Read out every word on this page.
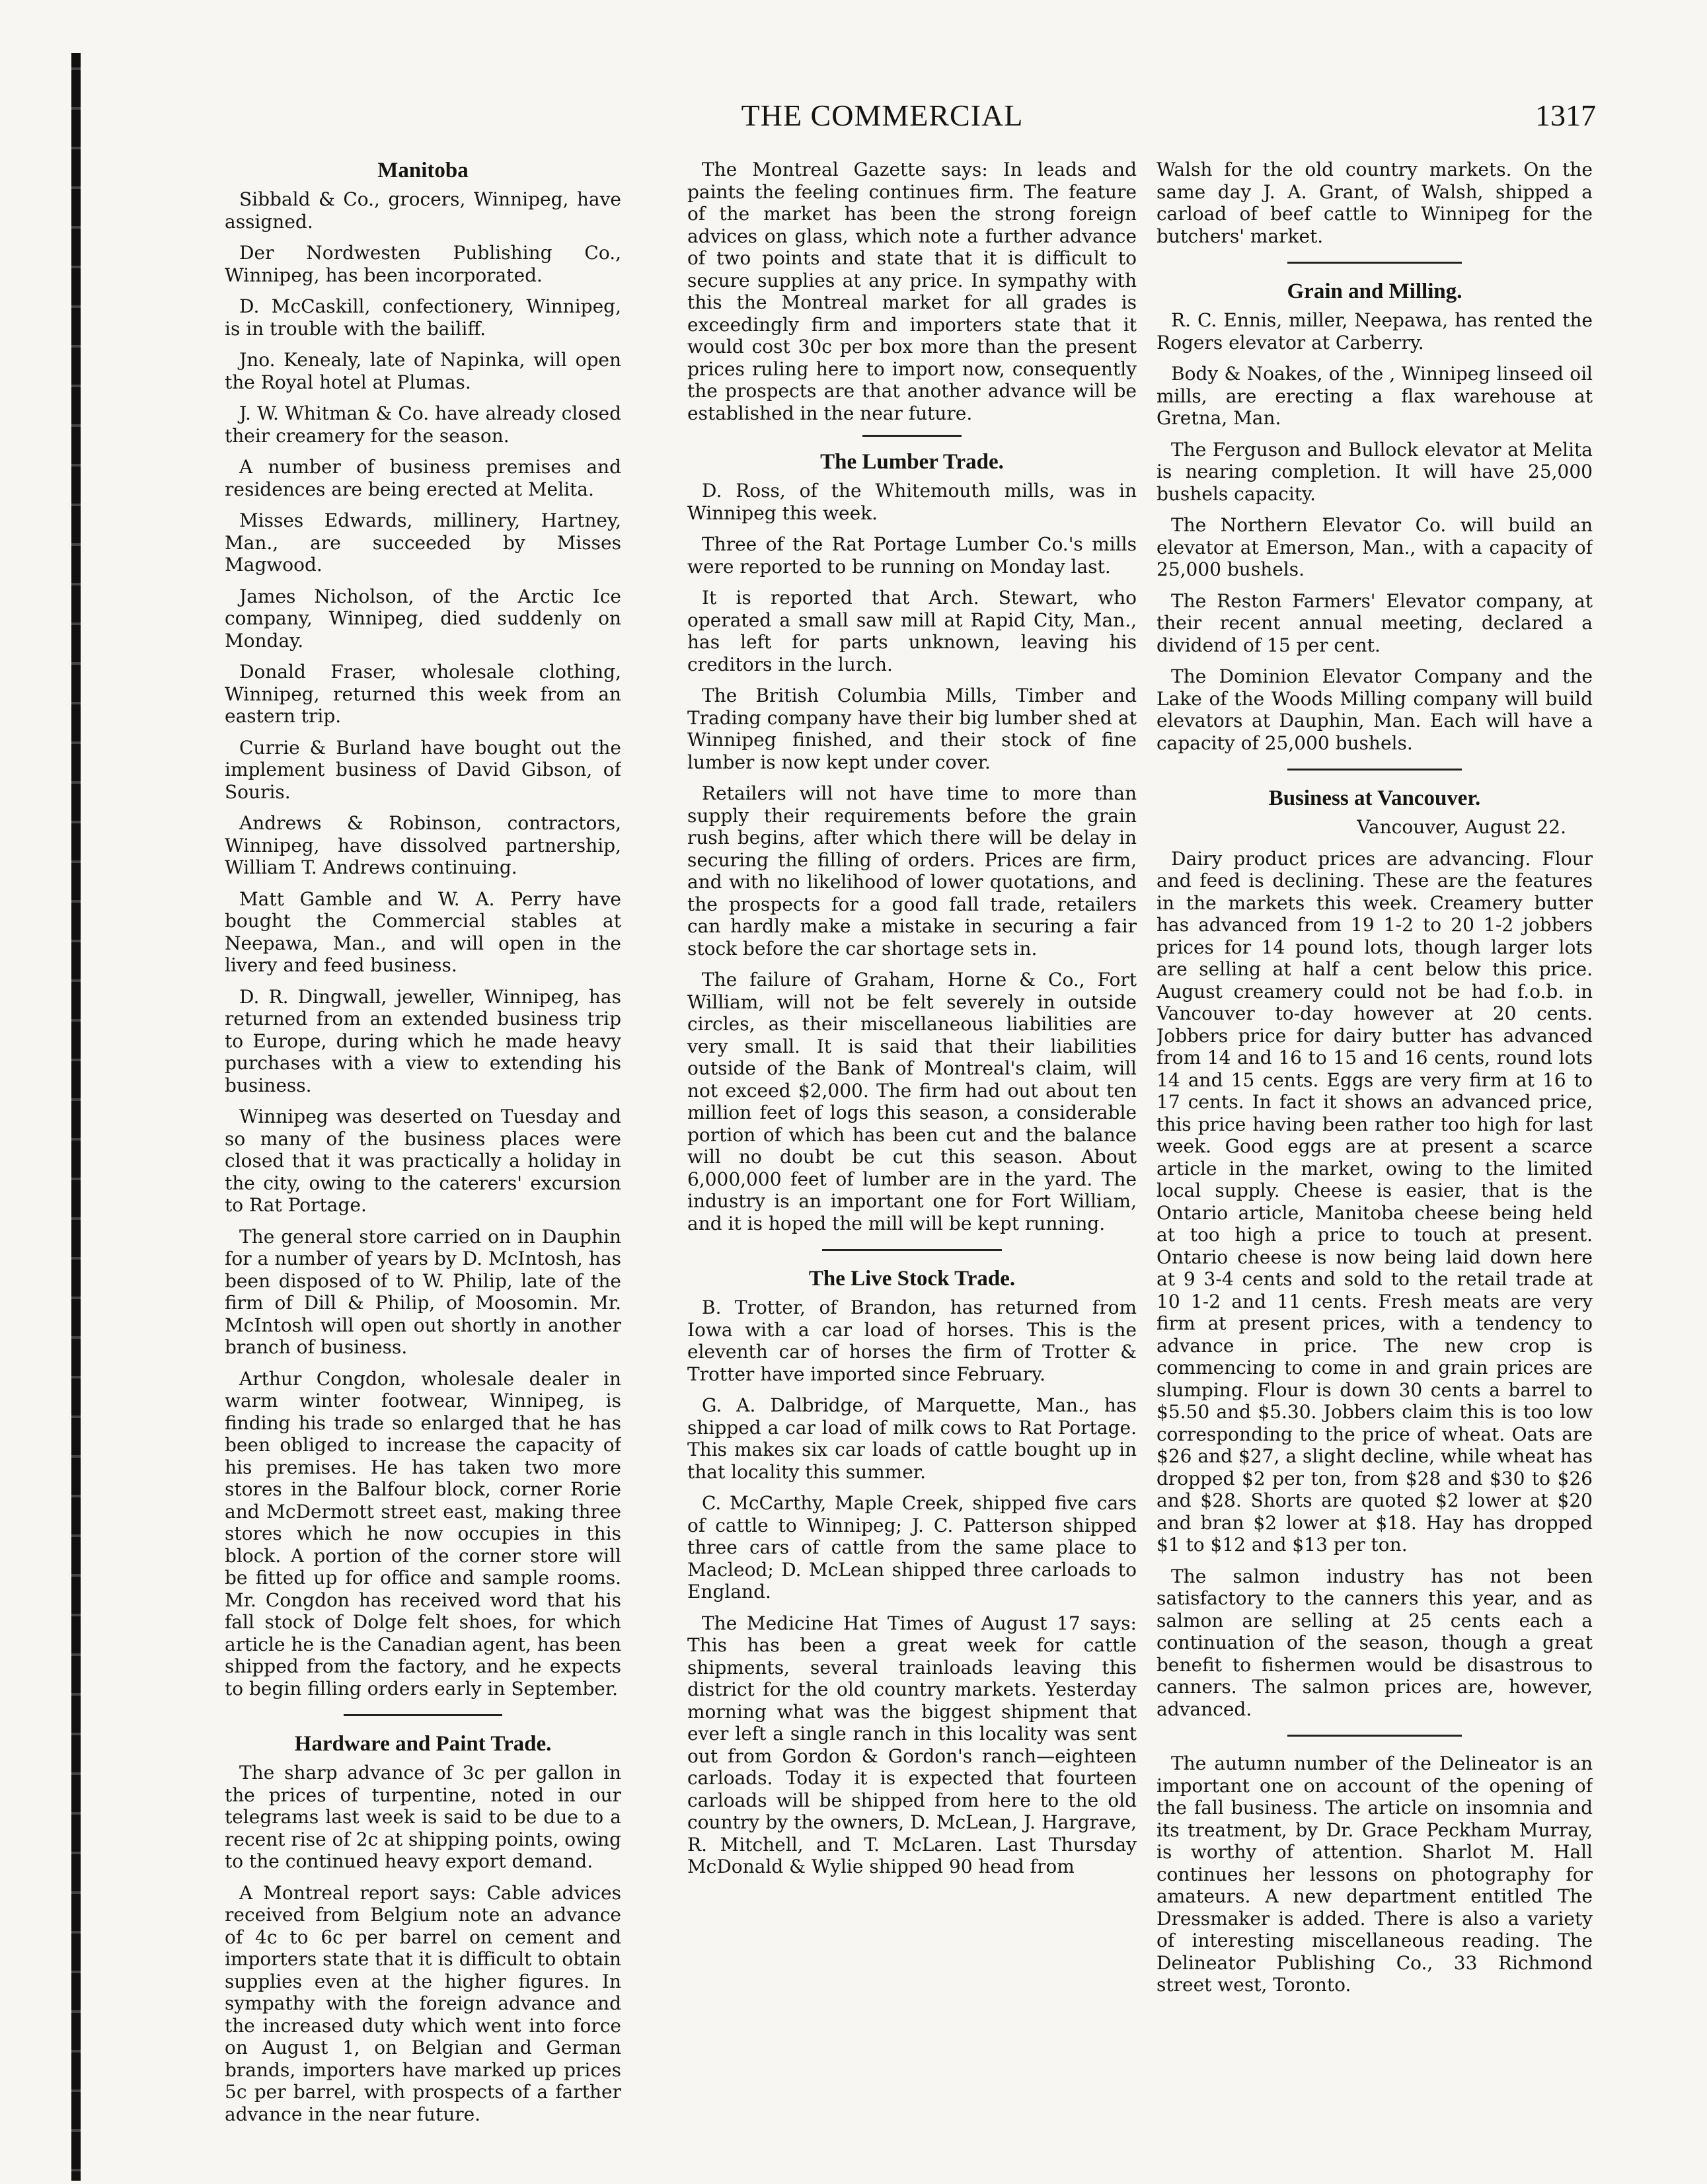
THE COMMERCIAL	1317
Manitoba

Sibbald & Co., grocers, Winnipeg, have assigned.

Der Nordwesten Publishing Co., Winnipeg, has been incorporated.

D. McCaskill, confectionery, Winnipeg, is in trouble with the bailiff.

Jno. Kenealy, late of Napinka, will open the Royal hotel at Plumas.

J. W. Whitman & Co. have already closed their creamery for the season.

A number of business premises and residences are being erected at Melita.

Misses Edwards, millinery, Hartney, Man., are succeeded by Misses Magwood.

James Nicholson, of the Arctic Ice company, Winnipeg, died suddenly on Monday.

Donald Fraser, wholesale clothing, Winnipeg, returned this week from an eastern trip.

Currie & Burland have bought out the implement business of David Gibson, of Souris.

Andrews & Robinson, contractors, Winnipeg, have dissolved partnership, William T. Andrews continuing.

Matt Gamble and W. A. Perry have bought the Commercial stables at Neepawa, Man., and will open in the livery and feed business.

D. R. Dingwall, jeweller, Winnipeg, has returned from an extended business trip to Europe, during which he made heavy purchases with a view to extending his business.

Winnipeg was deserted on Tuesday and so many of the business places were closed that it was practically a holiday in the city, owing to the caterers' excursion to Rat Portage.

The general store carried on in Dauphin for a number of years by D. McIntosh, has been disposed of to W. Philip, late of the firm of Dill & Philip, of Moosomin. Mr. McIntosh will open out shortly in another branch of business.

Arthur Congdon, wholesale dealer in warm winter footwear, Winnipeg, is finding his trade so enlarged that he has been obliged to increase the capacity of his premises. He has taken two more stores in the Balfour block, corner Rorie and McDermott street east, making three stores which he now occupies in this block. A portion of the corner store will be fitted up for office and sample rooms. Mr. Congdon has received word that his fall stock of Dolge felt shoes, for which article he is the Canadian agent, has been shipped from the factory, and he expects to begin filling orders early in September.

Hardware and Paint Trade.

The sharp advance of 3c per gallon in the prices of turpentine, noted in our telegrams last week is said to be due to a recent rise of 2c at shipping points, owing to the continued heavy export demand.

A Montreal report says: Cable advices received from Belgium note an advance of 4c to 6c per barrel on cement and importers state that it is difficult to obtain supplies even at the higher figures. In sympathy with the foreign advance and the increased duty which went into force on August 1, on Belgian and German brands, importers have marked up prices 5c per barrel, with prospects of a farther advance in the near future.

The Montreal Gazette says: In leads and paints the feeling continues firm. The feature of the market has been the strong foreign advices on glass, which note a further advance of two points and state that it is difficult to secure supplies at any price. In sympathy with this the Montreal market for all grades is exceedingly firm and importers state that it would cost 30c per box more than the present prices ruling here to import now, consequently the prospects are that another advance will be established in the near future.

The Lumber Trade.

D. Ross, of the Whitemouth mills, was in Winnipeg this week.

Three of the Rat Portage Lumber Co.'s mills were reported to be running on Monday last.

It is reported that Arch. Stewart, who operated a small saw mill at Rapid City, Man., has left for parts unknown, leaving his creditors in the lurch.

The British Columbia Mills, Timber and Trading company have their big lumber shed at Winnipeg finished, and their stock of fine lumber is now kept under cover.

Retailers will not have time to more than supply their requirements before the grain rush begins, after which there will be delay in securing the filling of orders. Prices are firm, and with no likelihood of lower quotations, and the prospects for a good fall trade, retailers can hardly make a mistake in securing a fair stock before the car shortage sets in.

The failure of Graham, Horne & Co., Fort William, will not be felt severely in outside circles, as their miscellaneous liabilities are very small. It is said that their liabilities outside of the Bank of Montreal's claim, will not exceed $2,000. The firm had out about ten million feet of logs this season, a considerable portion of which has been cut and the balance will no doubt be cut this season. About 6,000,000 feet of lumber are in the yard. The industry is an important one for Fort William, and it is hoped the mill will be kept running.

The Live Stock Trade.

B. Trotter, of Brandon, has returned from Iowa with a car load of horses. This is the eleventh car of horses the firm of Trotter & Trotter have imported since February.

G. A. Dalbridge, of Marquette, Man., has shipped a car load of milk cows to Rat Portage. This makes six car loads of cattle bought up in that locality this summer.

C. McCarthy, Maple Creek, shipped five cars of cattle to Winnipeg; J. C. Patterson shipped three cars of cattle from the same place to Macleod; D. McLean shipped three carloads to England.

The Medicine Hat Times of August 17 says: This has been a great week for cattle shipments, several trainloads leaving this district for the old country markets. Yesterday morning what was the biggest shipment that ever left a single ranch in this locality was sent out from Gordon & Gordon's ranch—eighteen carloads. Today it is expected that fourteen carloads will be shipped from here to the old country by the owners, D. McLean, J. Hargrave, R. Mitchell, and T. McLaren. Last Thursday McDonald & Wylie shipped 90 head from

Walsh for the old country markets. On the same day J. A. Grant, of Walsh, shipped a carload of beef cattle to Winnipeg for the butchers' market.

Grain and Milling.

R. C. Ennis, miller, Neepawa, has rented the Rogers elevator at Carberry.

Body & Noakes, of the , Winnipeg linseed oil mills, are erecting a flax warehouse at Gretna, Man.

The Ferguson and Bullock elevator at Melita is nearing completion. It will have 25,000 bushels capacity.

The Northern Elevator Co. will build an elevator at Emerson, Man., with a capacity of 25,000 bushels.

The Reston Farmers' Elevator company, at their recent annual meeting, declared a dividend of 15 per cent.

The Dominion Elevator Company and the Lake of the Woods Milling company will build elevators at Dauphin, Man. Each will have a capacity of 25,000 bushels.

Business at Vancouver.

Vancouver, August 22.

Dairy product prices are advancing. Flour and feed is declining. These are the features in the markets this week. Creamery butter has advanced from 19 1-2 to 20 1-2 jobbers prices for 14 pound lots, though larger lots are selling at half a cent below this price. August creamery could not be had f.o.b. in Vancouver to-day however at 20 cents. Jobbers price for dairy butter has advanced from 14 and 16 to 15 and 16 cents, round lots 14 and 15 cents. Eggs are very firm at 16 to 17 cents. In fact it shows an advanced price, this price having been rather too high for last week. Good eggs are at present a scarce article in the market, owing to the limited local supply. Cheese is easier, that is the Ontario article, Manitoba cheese being held at too high a price to touch at present. Ontario cheese is now being laid down here at 9 3-4 cents and sold to the retail trade at 10 1-2 and 11 cents. Fresh meats are very firm at present prices, with a tendency to advance in price. The new crop is commencing to come in and grain prices are slumping. Flour is down 30 cents a barrel to $5.50 and $5.30. Jobbers claim this is too low corresponding to the price of wheat. Oats are $26 and $27, a slight decline, while wheat has dropped $2 per ton, from $28 and $30 to $26 and $28. Shorts are quoted $2 lower at $20 and bran $2 lower at $18. Hay has dropped $1 to $12 and $13 per ton.

The salmon industry has not been satisfactory to the canners this year, and as salmon are selling at 25 cents each a continuation of the season, though a great benefit to fishermen would be disastrous to canners. The salmon prices are, however, advanced.

The autumn number of the Delineator is an important one on account of the opening of the fall business. The article on insomnia and its treatment, by Dr. Grace Peckham Murray, is worthy of attention. Sharlot M. Hall continues her lessons on photography for amateurs. A new department entitled The Dressmaker is added. There is also a variety of interesting miscellaneous reading. The Delineator Publishing Co., 33 Richmond street west, Toronto.
